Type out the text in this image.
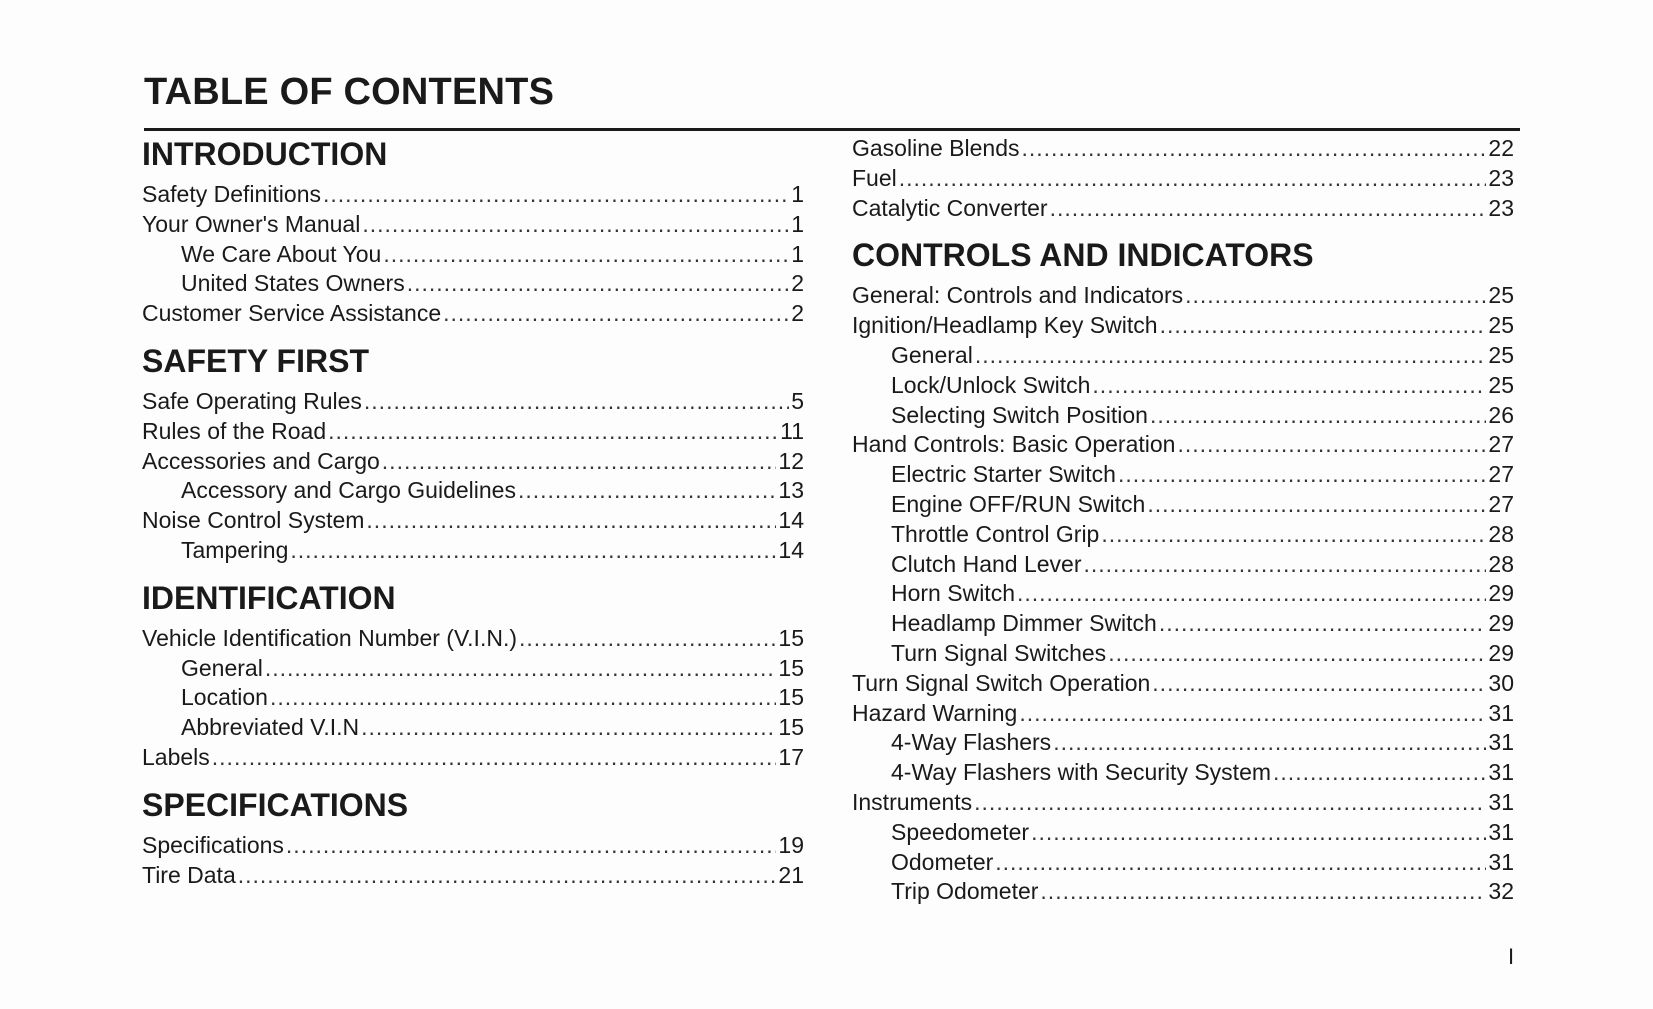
TABLE OF CONTENTS
INTRODUCTION
Safety Definitions .....	1
Your Owner's Manual .....	1
We Care About You .....	1
United States Owners .....	2
Customer Service Assistance .....	2
SAFETY FIRST
Safe Operating Rules .....	5
Rules of the Road .....	11
Accessories and Cargo .....	12
Accessory and Cargo Guidelines .....	13
Noise Control System .....	14
Tampering .....	14
IDENTIFICATION
Vehicle Identification Number (V.I.N.) .....	15
General .....	15
Location .....	15
Abbreviated V.I.N .....	15
Labels .....	17
SPECIFICATIONS
Specifications .....	19
Tire Data .....	21
Gasoline Blends .....	22
Fuel .....	23
Catalytic Converter .....	23
CONTROLS AND INDICATORS
General: Controls and Indicators .....	25
Ignition/Headlamp Key Switch .....	25
General .....	25
Lock/Unlock Switch .....	25
Selecting Switch Position .....	26
Hand Controls: Basic Operation .....	27
Electric Starter Switch .....	27
Engine OFF/RUN Switch .....	27
Throttle Control Grip .....	28
Clutch Hand Lever .....	28
Horn Switch .....	29
Headlamp Dimmer Switch .....	29
Turn Signal Switches .....	29
Turn Signal Switch Operation .....	30
Hazard Warning .....	31
4-Way Flashers .....	31
4-Way Flashers with Security System .....	31
Instruments .....	31
Speedometer .....	31
Odometer .....	31
Trip Odometer .....	32
I
